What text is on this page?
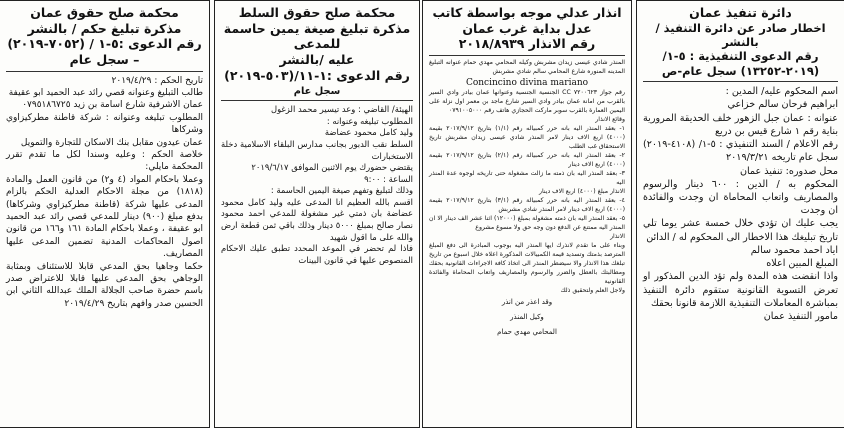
دائرة تنفيذ عمان

اخطار صادر عن دائرة التنفيذ / بالنشر

رقم الدعوى التنفيذية : ٥-١/

(٢٠١٩-١٣٢٥٢) سجل عام-ص

اسم المحكوم عليه/ المدين :

ابراهيم فرحان سالم خزاعي

عنوانه : عمان جبل الزهور خلف الحديقة المرورية بناية رقم ١ شارع قيس بن دريع

رقم الاعلام / السند التنفيذي : ٥-١/ (٤١٠٨-٢٠١٩) سجل عام تاريخه ٢٠١٩/٣/٢١

محل صدوره: تنفيذ عمان

المحكوم به / الدين : ٦٠٠ دينار والرسوم والمصاريف واتعاب المحاماة ان وجدت والفائدة ان وجدت

يجب عليك ان تؤدي خلال خمسة عشر يوما تلي تاريخ تبليغك هذا الاخطار الى المحكوم له / الدائن

اياد احمد محمود سالم

المبلغ المبين اعلاه

واذا انقضت هذه المدة ولم تؤد الدين المذكور او تعرض التسوية القانونية ستقوم دائرة التنفيذ بمباشرة المعاملات التنفيذية اللازمة قانونا بحقك

مامور التنفيذ عمان

انذار عدلي موجه بواسطة كاتب

عدل بداية غرب عمان

رقم الانذار ٢٠١٨/٨٩٣٩

المنذر شادي عيسى زيدان مشربش وكيله المحامي مهدي حمام عنوانه التبليغ المدينه المنوره شارع المحامي سالم شادي مشربش

Concincino divina mariano

رقم جواز ٧٢٠٠٦٢٣ CC الجنسية الجنسية وعنوانها عمان بيادر وادي السير بالقرب من امانة عمان بيادر وادي السير شارع ماجد بن معمر اول نزلة على اليمين العمارة بالقرب سوبر ماركت الحجازي هاتف رقم ٠٧٩١٠٠٥٠٠٠

وقائع الانذار

١- بعقد المنذر اليه بانه حرر كمبياله رقم (١/١) بتاريخ ٢٠١٧/٩/١٢ بقيمة (٤٠٠٠) اربع الاف دينار لامر المنذر شادي عيسى زيدان مشربش تاريخ الاستحقاق غب الطلب

٢- بعقد المنذر اليه بانه حرر كمبيالة رقم (٢/١) بتاريخ ٢٠١٧/٩/١٢ بقيمة (٤٠٠٠) اربع الاف دينار

٣- بعقد المنذر اليه بان ذمته ما زالت مشغولة حتى تاريخه لوجوه عدة المنذر اليه

الانذار مبلغ (٤٠٠٠) اربع الاف دينار

٤- بعقد المنذر اليه بانه حرر كمبيالة رقم (٣/١) بتاريخ ٢٠١٧/٩/١٢ بقيمة (٤٠٠٠) اربع الاف دينار لامر المنذر شادي مشربش

٥- بعقد المنذر اليه بان ذمته مشغولة بمبلغ (١٢٠٠٠) اثنا عشر الف دينار الا ان المنذر اليه ممتنع عن الدفع دون وجه حق ولا مسوغ مشروع

الانذار

وبناء على ما تقدم لانذرك ايها المنذر اليه بوجوب المبادرة الى دفع المبلغ المترصد بذمتك وتسديد قيمة الكمبيالات المذكورة اعلاه خلال اسبوع من تاريخ تبلغك هذا الانذار والا سيضطر المنذر الى اتخاذ كافة الاجراءات القانونية بحقك ومطالبتك بالعطل والضرر والرسوم والمصاريف واتعاب المحاماة والفائدة القانونية

ولاجل العلم ولتحقيق ذلك

وقد اعذر من انذر

وكيل المنذر

المحامي مهدي حمام

محكمة صلح حقوق السلط

مذكرة تبليغ صيغة يمين حاسمة للمدعى

عليه /بالنشر

رقم الدعوى :١-١١/(٥٠٣-٢٠١٩)

سجل عام

الهيئة/ القاضي : وعد تيسير محمد الزغول

المطلوب تبليغه وعنوانه :

وليد كامل محمود عضاضة

السلط نقب الدبور بجانب مدارس البلقاء الاسلامية دخلة الاستخبارات

يقتضي حضورك يوم الاثنين الموافق ٢٠١٩/٦/١٧

الساعة : ٩:٠٠

وذلك لتبليغ وتفهم صيغة اليمين الحاسمة :

اقسم بالله العظيم انا المدعى عليه وليد كامل محمود عضاضة بان ذمتي غير مشغولة للمدعي احمد محمود نصار صالح بمبلغ ٥٠٠٠ دينار وذلك باقي ثمن قطعة ارض والله على ما اقول شهيد

فاذا لم تحضر في الموعد المحدد تطبق عليك الاحكام المنصوص عليها في قانون البينات

محكمة صلح حقوق عمان

مذكرة تبليغ حكم / بالنشر

رقم الدعوى :٥-١ / (٧٠٥٢-٢٠١٩)

– سجل عام

تاريخ الحكم : ٢٠١٩/٤/٢٩

طالب التبليغ وعنوانه قصي رائد عبد الحميد ابو عقيفة

عمان الاشرفية شارع اسامة بن زيد ٠٧٩٥١٨٦٧٢٥

المطلوب تبليغه وعنوانه : شركة قاطنة مطركيزاوي وشركاها

عمان عيدون مقابل بنك الاسكان للتجارة والتمويل

خلاصة الحكم : وعليه وسندا لكل ما تقدم تقرر المحكمة مايلي:

وعملا باحكام المواد (٤ و٢) من قانون العمل والمادة (١٨١٨) من مجلة الاحكام العدلية الحكم بالزام المدعى عليها شركة (قاطنة مطركيزاوي وشركاها) بدفع مبلغ (٩٠٠) دينار للمدعي قصي رائد عبد الحميد ابو عقيفة ، وعملا باحكام المادة ١٦١ و١٦٦ من قانون اصول المحاكمات المدنية تضمين المدعى عليها المصاريف.

حكما وجاهيا بحق المدعي قابلا للاستئناف وبمثابة الوجاهي بحق المدعى عليها قابلا للاعتراض صدر باسم حضرة صاحب الجلالة الملك عبدالله الثاني ابن الحسين صدر وافهم بتاريخ ٢٠١٩/٤/٢٩
